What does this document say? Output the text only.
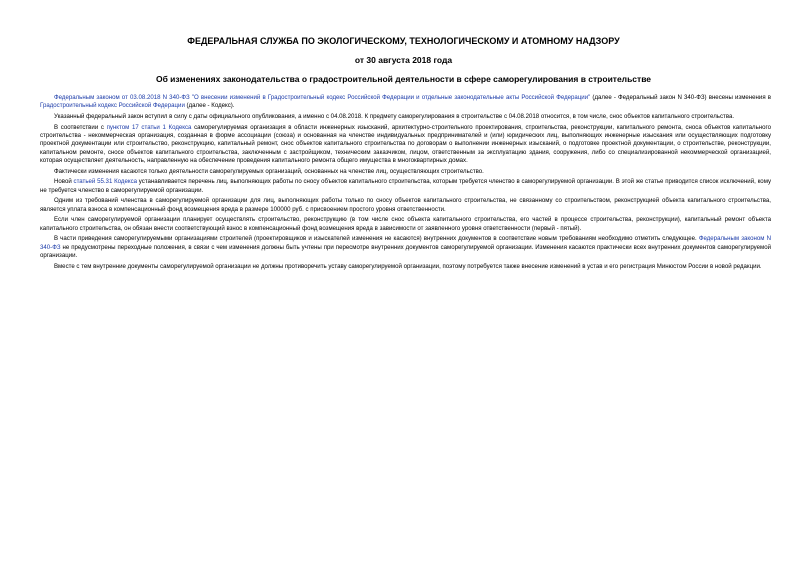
ФЕДЕРАЛЬНАЯ СЛУЖБА ПО ЭКОЛОГИЧЕСКОМУ, ТЕХНОЛОГИЧЕСКОМУ И АТОМНОМУ НАДЗОРУ
от 30 августа 2018 года
Об изменениях законодательства о градостроительной деятельности в сфере саморегулирования в строительстве

Федеральным законом от 03.08.2018 N 340-ФЗ "О внесении изменений в Градостроительный кодекс Российской Федерации и отдельные законодательные акты Российской Федерации" (далее - Федеральный закон N 340-ФЗ) внесены изменения в Градостроительный кодекс Российской Федерации (далее - Кодекс).

Указанный федеральный закон вступил в силу с даты официального опубликования, а именно с 04.08.2018. К предмету саморегулирования в строительстве с 04.08.2018 относится, в том числе, снос объектов капитального строительства.

В соответствии с пунктом 17 статьи 1 Кодекса саморегулируемая организация в области инженерных изысканий, архитектурно-строительного проектирования, строительства, реконструкции, капитального ремонта, сноса объектов капитального строительства - некоммерческая организация, созданная в форме ассоциации (союза) и основанная на членстве индивидуальных предпринимателей и (или) юридических лиц, выполняющих инженерные изыскания или осуществляющих подготовку проектной документации или строительство, реконструкцию, капитальный ремонт, снос объектов капитального строительства по договорам о выполнении инженерных изысканий, о подготовке проектной документации, о строительстве, реконструкции, капитальном ремонте, сносе объектов капитального строительства, заключенным с застройщиком, техническим заказчиком, лицом, ответственным за эксплуатацию здания, сооружения, либо со специализированной некоммерческой организацией, которая осуществляет деятельность, направленную на обеспечение проведения капитального ремонта общего имущества в многоквартирных домах.

Фактически изменения касаются только деятельности саморегулируемых организаций, основанных на членстве лиц, осуществляющих строительство.

Новой статьей 55.31 Кодекса устанавливается перечень лиц, выполняющих работы по сносу объектов капитального строительства, которым требуется членство в саморегулируемой организации. В этой же статье приводится список исключений, кому не требуется членство в саморегулируемой организации.

Одним из требований членства в саморегулируемой организации для лиц, выполняющих работы только по сносу объектов капитального строительства, не связанному со строительством, реконструкцией объекта капитального строительства, является уплата взноса в компенсационный фонд возмещения вреда в размере 100000 руб. с присвоением простого уровня ответственности.

Если член саморегулируемой организации планирует осуществлять строительство, реконструкцию (в том числе снос объекта капитального строительства, его частей в процессе строительства, реконструкции), капитальный ремонт объекта капитального строительства, он обязан внести соответствующий взнос в компенсационный фонд возмещения вреда в зависимости от заявленного уровня ответственности (первый - пятый).

В части приведения саморегулируемыми организациями строителей (проектировщиков и изыскателей изменения не касаются) внутренних документов в соответствие новым требованиям необходимо отметить следующее. Федеральным законом N 340-ФЗ не предусмотрены переходные положения, в связи с чем изменения должны быть учтены при пересмотре внутренних документов саморегулируемой организации. Изменения касаются практически всех внутренних документов саморегулируемой организации.

Вместе с тем внутренние документы саморегулируемой организации не должны противоречить уставу саморегулируемой организации, поэтому потребуется также внесение изменений в устав и его регистрация Минюстом России в новой редакции.
